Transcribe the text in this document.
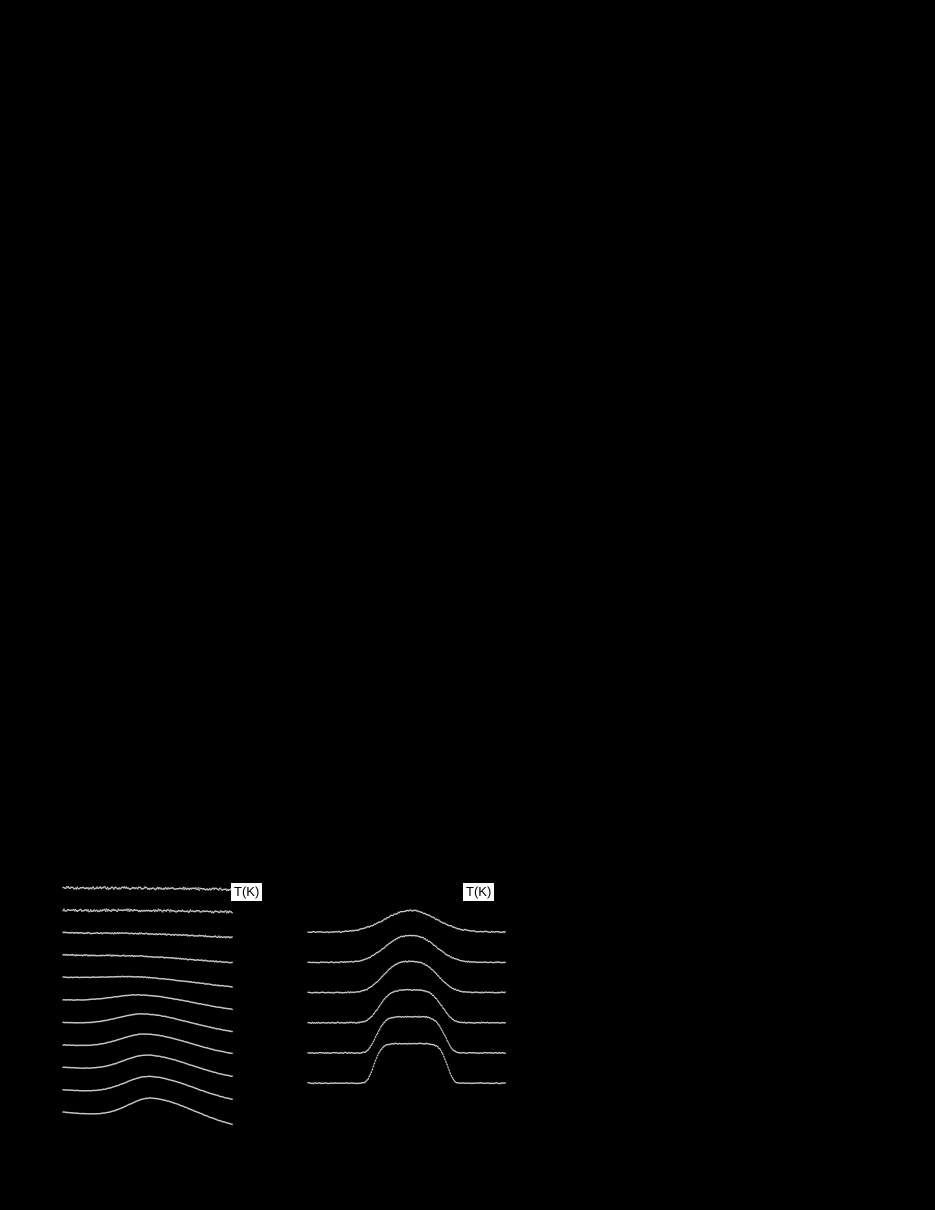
T(K)	T(K)
